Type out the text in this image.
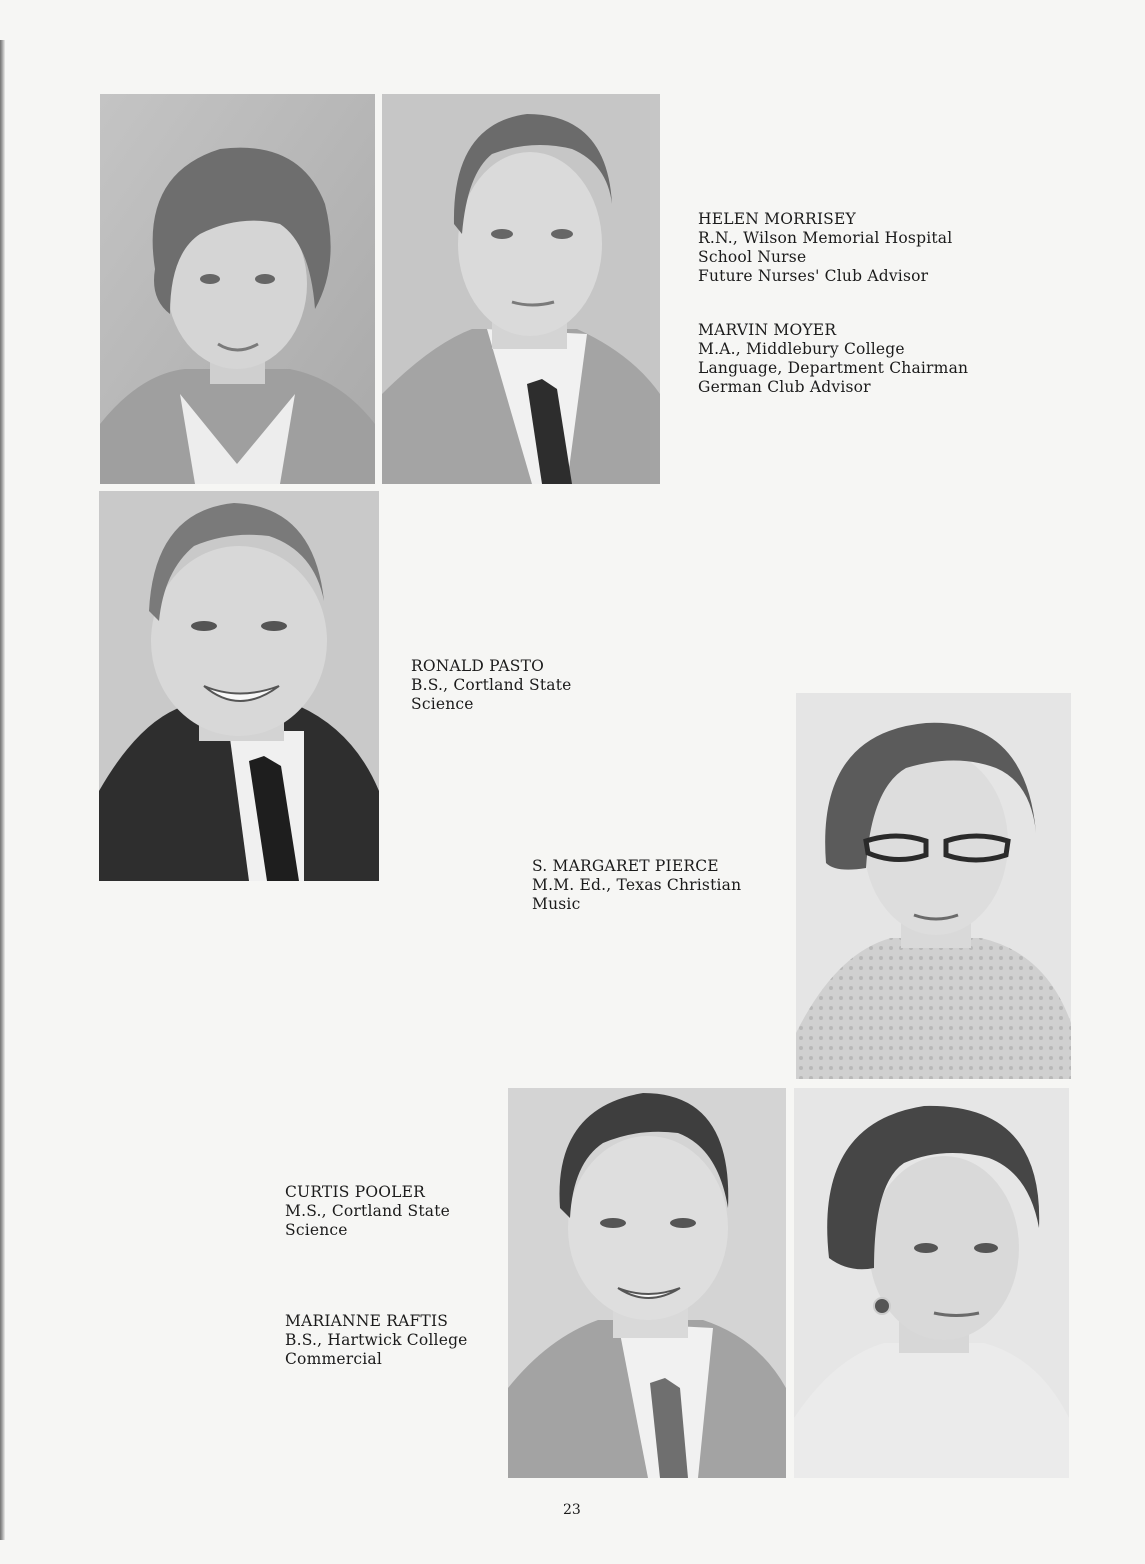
HELEN MORRISEY
R.N., Wilson Memorial Hospital
School Nurse
Future Nurses' Club Advisor
MARVIN MOYER
M.A., Middlebury College
Language, Department Chairman
German Club Advisor
RONALD PASTO
B.S., Cortland State
Science
S. MARGARET PIERCE
M.M. Ed., Texas Christian
Music
CURTIS POOLER
M.S., Cortland State
Science
MARIANNE RAFTIS
B.S., Hartwick College
Commercial
23
